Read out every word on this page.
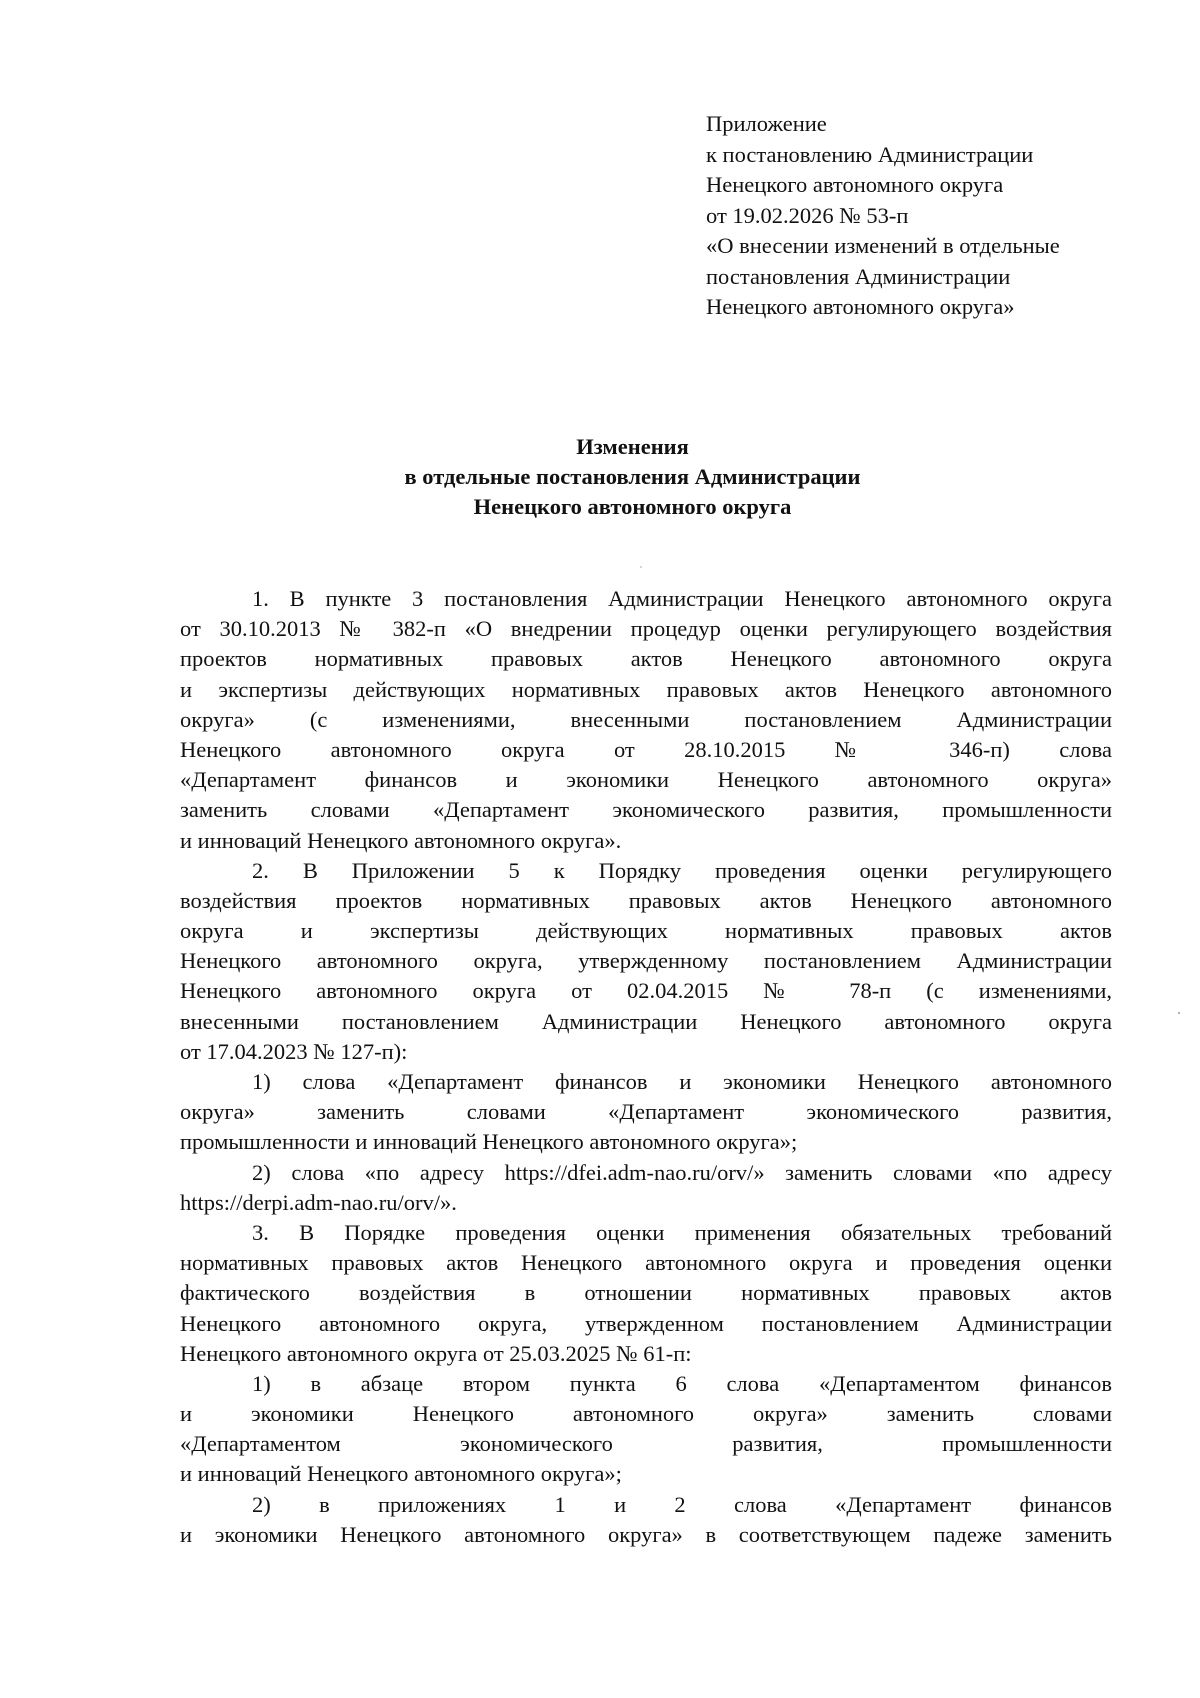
Приложение
к постановлению Администрации
Ненецкого автономного округа
от 19.02.2026 № 53-п
«О внесении изменений в отдельные
постановления Администрации
Ненецкого автономного округа»
Изменения
в отдельные постановления Администрации
Ненецкого автономного округа
1. В пункте 3 постановления Администрации Ненецкого автономного округа
от 30.10.2013 № 382-п «О внедрении процедур оценки регулирующего воздействия
проектов нормативных правовых актов Ненецкого автономного округа
и экспертизы действующих нормативных правовых актов Ненецкого автономного
округа» (с изменениями, внесенными постановлением Администрации
Ненецкого автономного округа от 28.10.2015 № 346-п) слова
«Департамент финансов и экономики Ненецкого автономного округа»
заменить словами «Департамент экономического развития, промышленности
и инноваций Ненецкого автономного округа».
2. В Приложении 5 к Порядку проведения оценки регулирующего
воздействия проектов нормативных правовых актов Ненецкого автономного
округа и экспертизы действующих нормативных правовых актов
Ненецкого автономного округа, утвержденному постановлением Администрации
Ненецкого автономного округа от 02.04.2015 № 78-п (с изменениями,
внесенными постановлением Администрации Ненецкого автономного округа
от 17.04.2023 № 127-п):
1) слова «Департамент финансов и экономики Ненецкого автономного
округа» заменить словами «Департамент экономического развития,
промышленности и инноваций Ненецкого автономного округа»;
2) слова «по адресу https://dfei.adm-nao.ru/orv/» заменить словами «по адресу
https://derpi.adm-nao.ru/orv/».
3. В Порядке проведения оценки применения обязательных требований
нормативных правовых актов Ненецкого автономного округа и проведения оценки
фактического воздействия в отношении нормативных правовых актов
Ненецкого автономного округа, утвержденном постановлением Администрации
Ненецкого автономного округа от 25.03.2025 № 61-п:
1) в абзаце втором пункта 6 слова «Департаментом финансов
и экономики Ненецкого автономного округа» заменить словами
«Департаментом экономического развития, промышленности
и инноваций Ненецкого автономного округа»;
2) в приложениях 1 и 2 слова «Департамент финансов
и экономики Ненецкого автономного округа» в соответствующем падеже заменить
